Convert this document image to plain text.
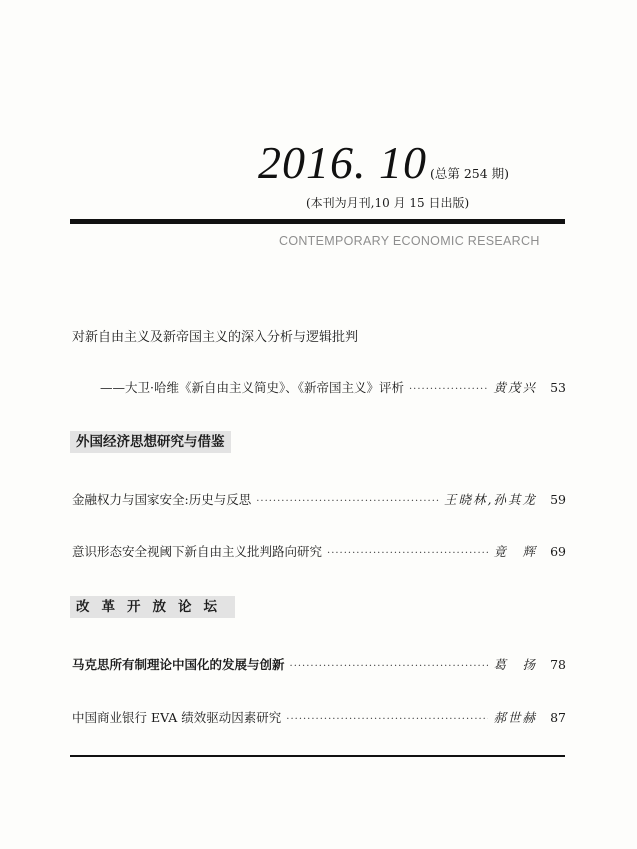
2016. 10 (总第 254 期)
(本刊为月刊,10 月 15 日出版)
CONTEMPORARY ECONOMIC RESEARCH
对新自由主义及新帝国主义的深入分析与逻辑批判
——大卫·哈维《新自由主义简史》、《新帝国主义》评析 ·····	黄茂兴 53
外国经济思想研究与借鉴
金融权力与国家安全:历史与反思 ·····	王晓林,孙其龙 59
意识形态安全视阈下新自由主义批判路向研究 ·····	竟　辉 69
改革开放论坛
马克思所有制理论中国化的发展与创新 ·····	葛　扬 78
中国商业银行 EVA 绩效驱动因素研究 ·····	郝世赫 87
